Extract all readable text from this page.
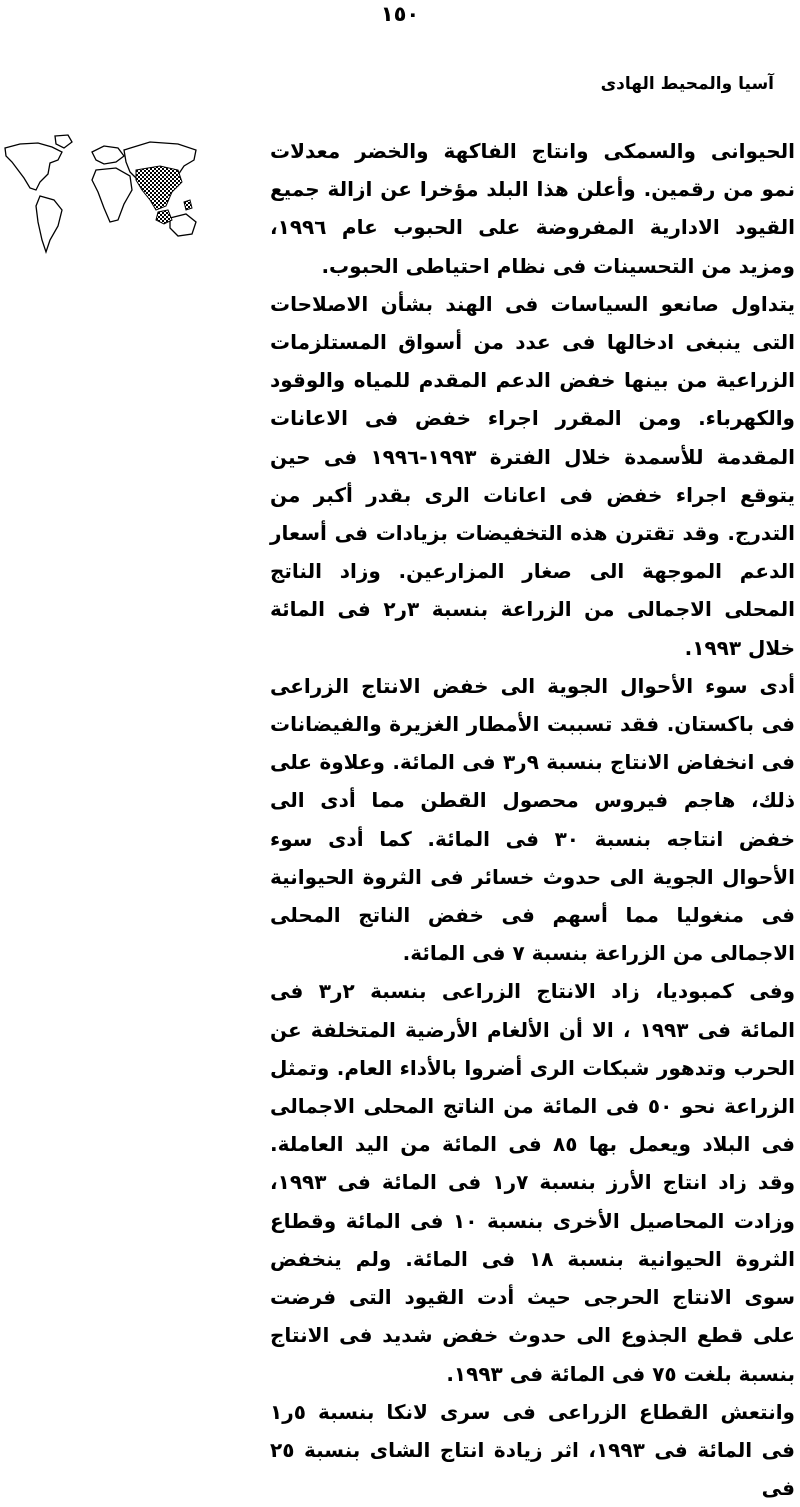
١٥٠
آسيا والمحيط الهادى

الحيوانى والسمكى وانتاج الفاكهة والخضر معدلات نمو من رقمين. وأعلن هذا البلد مؤخرا عن ازالة جميع القيود الادارية المفروضة على الحبوب عام ١٩٩٦، ومزيد من التحسينات فى نظام احتياطى الحبوب.

يتداول صانعو السياسات فى الهند بشأن الاصلاحات التى ينبغى ادخالها فى عدد من أسواق المستلزمات الزراعية من بينها خفض الدعم المقدم للمياه والوقود والكهرباء. ومن المقرر اجراء خفض فى الاعانات المقدمة للأسمدة خلال الفترة ١٩٩٣-١٩٩٦ فى حين يتوقع اجراء خفض فى اعانات الرى بقدر أكبر من التدرج. وقد تقترن هذه التخفيضات بزيادات فى أسعار الدعم الموجهة الى صغار المزارعين. وزاد الناتج المحلى الاجمالى من الزراعة بنسبة ٣ر٢ فى المائة خلال ١٩٩٣.
أدى سوء الأحوال الجوية الى خفض الانتاج الزراعى فى باكستان. فقد تسببت الأمطار الغزيرة والفيضانات فى انخفاض الانتاج بنسبة ٩ر٣ فى المائة. وعلاوة على ذلك، هاجم فيروس محصول القطن مما أدى الى خفض انتاجه بنسبة ٣٠ فى المائة. كما أدى سوء الأحوال الجوية الى حدوث خسائر فى الثروة الحيوانية فى منغوليا مما أسهم فى خفض الناتج المحلى الاجمالى من الزراعة بنسبة ٧ فى المائة.
وفى كمبوديا، زاد الانتاج الزراعى بنسبة ٢ر٣ فى المائة فى ١٩٩٣ ، الا أن الألغام الأرضية المتخلفة عن الحرب وتدهور شبكات الرى أضروا بالأداء العام. وتمثل الزراعة نحو ٥٠ فى المائة من الناتج المحلى الاجمالى فى البلاد ويعمل بها ٨٥ فى المائة من اليد العاملة. وقد زاد انتاج الأرز بنسبة ٧ر١ فى المائة فى ١٩٩٣، وزادت المحاصيل الأخرى بنسبة ١٠ فى المائة وقطاع الثروة الحيوانية بنسبة ١٨ فى المائة. ولم ينخفض سوى الانتاج الحرجى حيث أدت القيود التى فرضت على قطع الجذوع الى حدوث خفض شديد فى الانتاج بنسبة بلغت ٧٥ فى المائة فى ١٩٩٣.
وانتعش القطاع الزراعى فى سرى لانكا بنسبة ٥ر١ فى المائة فى ١٩٩٣، اثر زيادة انتاج الشاى بنسبة ٢٥ فى
